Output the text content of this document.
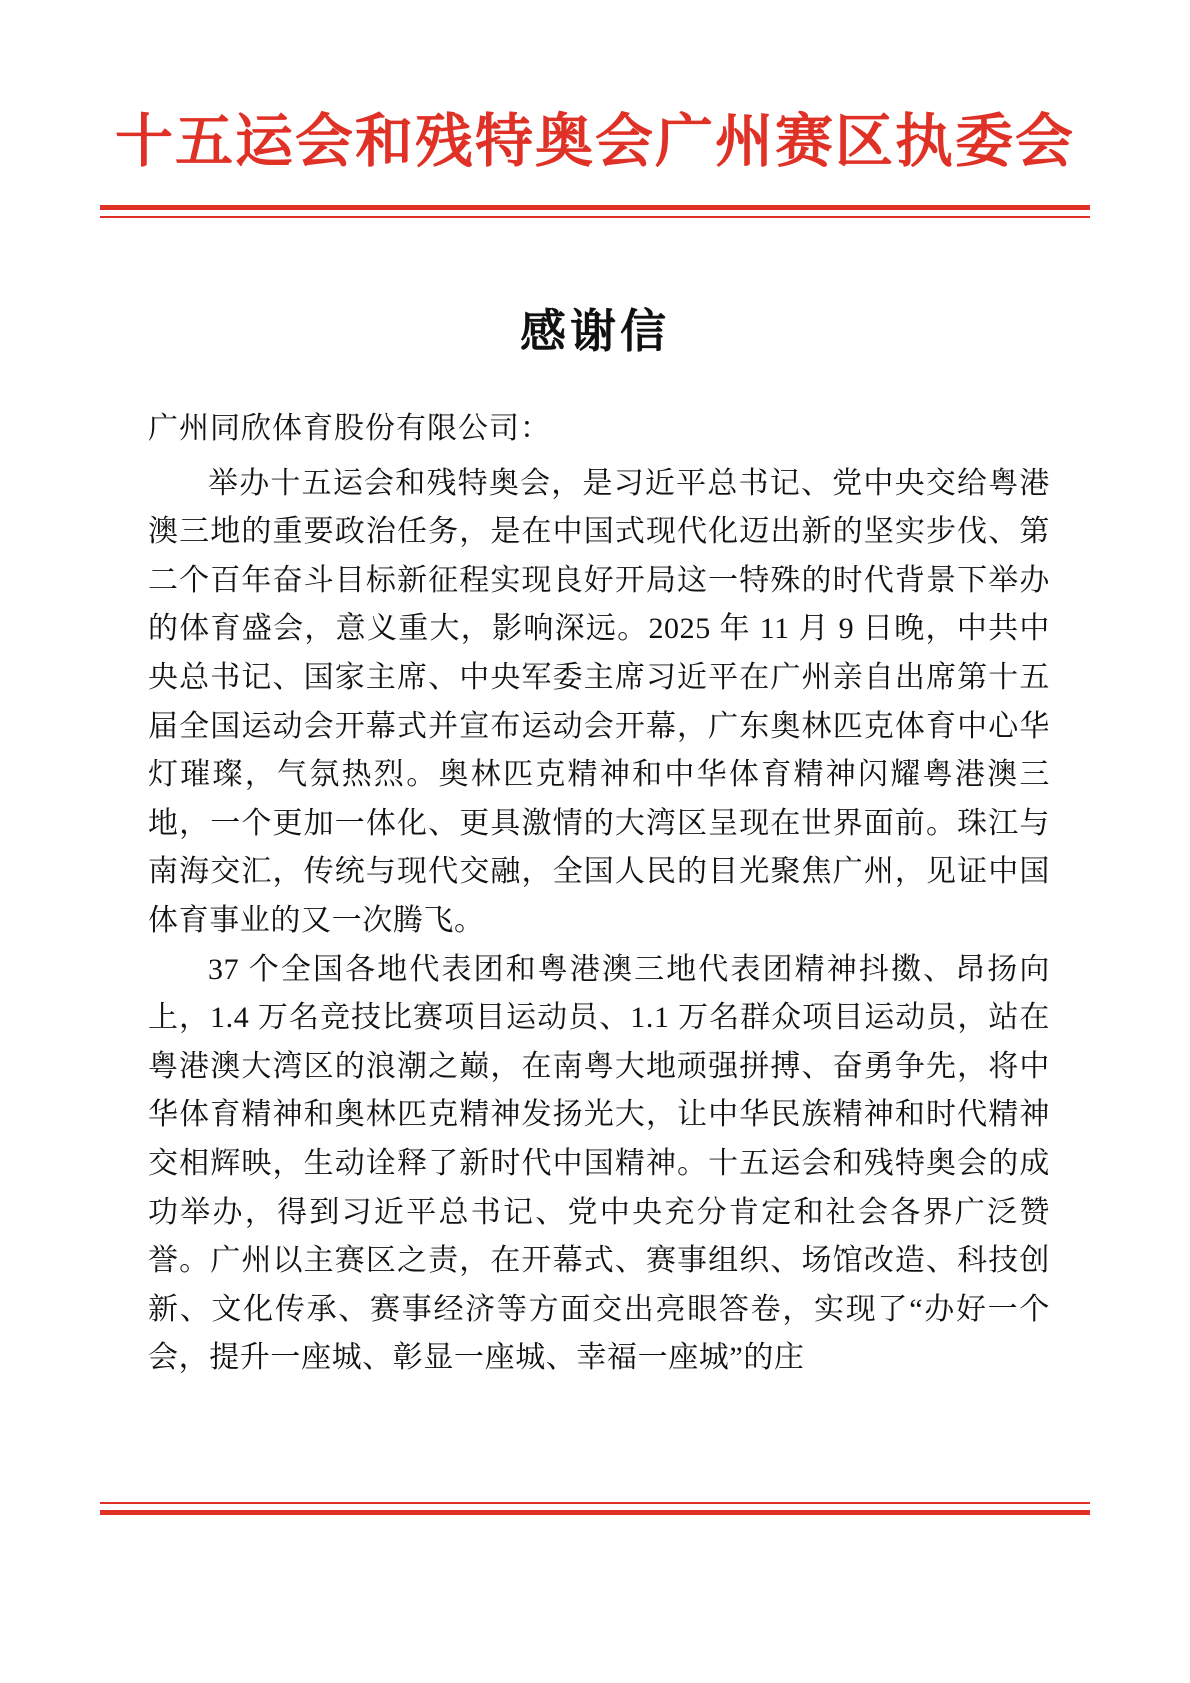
十五运会和残特奥会广州赛区执委会
感谢信

广州同欣体育股份有限公司：

举办十五运会和残特奥会，是习近平总书记、党中央交给粤港澳三地的重要政治任务，是在中国式现代化迈出新的坚实步伐、第二个百年奋斗目标新征程实现良好开局这一特殊的时代背景下举办的体育盛会，意义重大，影响深远。2025 年 11 月 9 日晚，中共中央总书记、国家主席、中央军委主席习近平在广州亲自出席第十五届全国运动会开幕式并宣布运动会开幕，广东奥林匹克体育中心华灯璀璨，气氛热烈。奥林匹克精神和中华体育精神闪耀粤港澳三地，一个更加一体化、更具激情的大湾区呈现在世界面前。珠江与南海交汇，传统与现代交融，全国人民的目光聚焦广州，见证中国体育事业的又一次腾飞。

37 个全国各地代表团和粤港澳三地代表团精神抖擞、昂扬向上，1.4 万名竞技比赛项目运动员、1.1 万名群众项目运动员，站在粤港澳大湾区的浪潮之巅，在南粤大地顽强拼搏、奋勇争先，将中华体育精神和奥林匹克精神发扬光大，让中华民族精神和时代精神交相辉映，生动诠释了新时代中国精神。十五运会和残特奥会的成功举办，得到习近平总书记、党中央充分肯定和社会各界广泛赞誉。广州以主赛区之责，在开幕式、赛事组织、场馆改造、科技创新、文化传承、赛事经济等方面交出亮眼答卷，实现了“办好一个会，提升一座城、彰显一座城、幸福一座城”的庄
